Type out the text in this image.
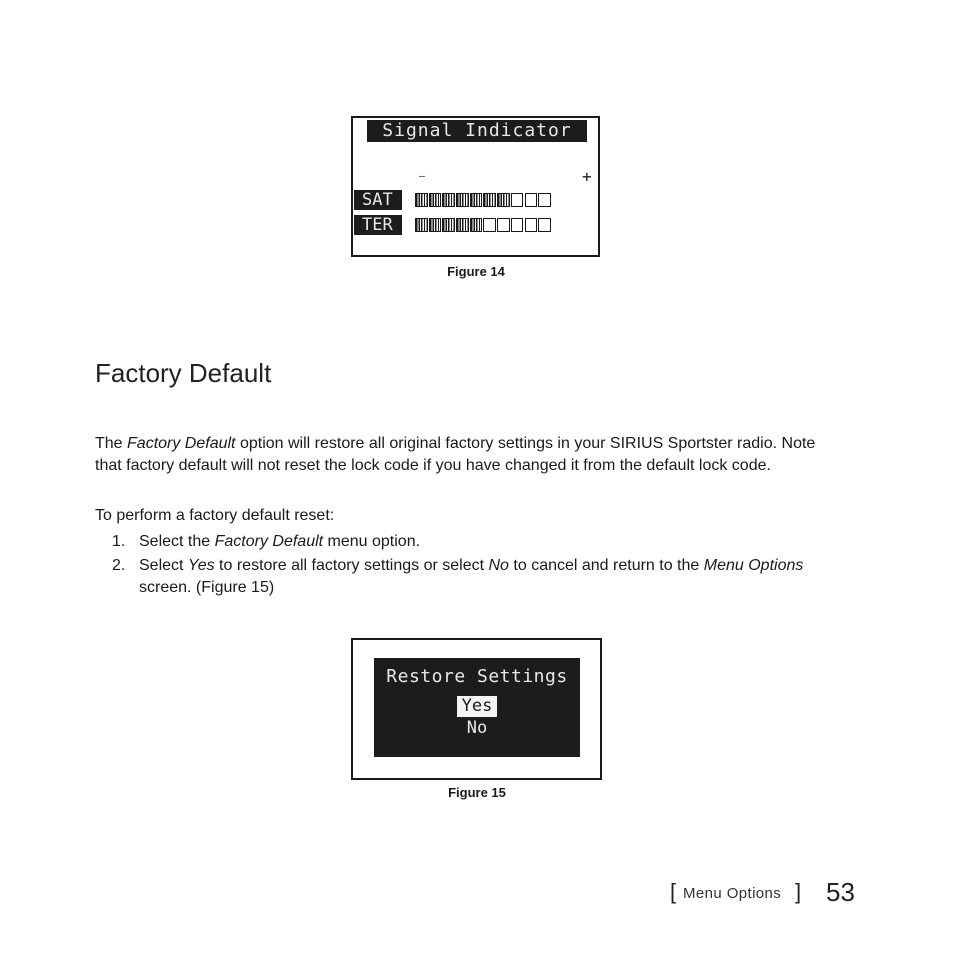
Signal Indicator
–	+
SAT
TER
Figure 14
Factory Default

The Factory Default option will restore all original factory settings in your SIRIUS Sportster radio. Note that factory default will not reset the lock code if you have changed it from the default lock code.

To perform a factory default reset:

1. Select the Factory Default menu option.
2. Select Yes to restore all factory settings or select No to cancel and return to the Menu Options screen. (Figure 15)
Restore Settings
Yes
No
Figure 15
[ Menu Options ] 53
